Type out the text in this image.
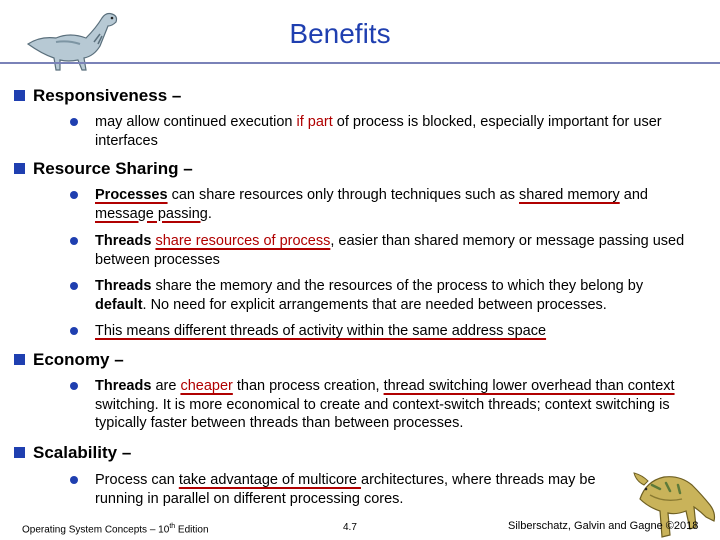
Benefits
Responsiveness –
may allow continued execution if part of process is blocked, especially important for user interfaces
Resource Sharing –
Processes can share resources only through techniques such as shared memory and message passing.
Threads share resources of process, easier than shared memory or message passing used between processes
Threads share the memory and the resources of the process to which they belong by default. No need for explicit arrangements that are needed between processes.
This means different threads of activity within the same address space
Economy –
Threads are cheaper than process creation, thread switching lower overhead than context switching. It is more economical to create and context-switch threads; context switching is typically faster between threads than between processes.
Scalability –
Process can take advantage of multicore architectures, where threads may be running in parallel on different processing cores.
Operating System Concepts – 10th Edition	4.7	Silberschatz, Galvin and Gagne ©2018
